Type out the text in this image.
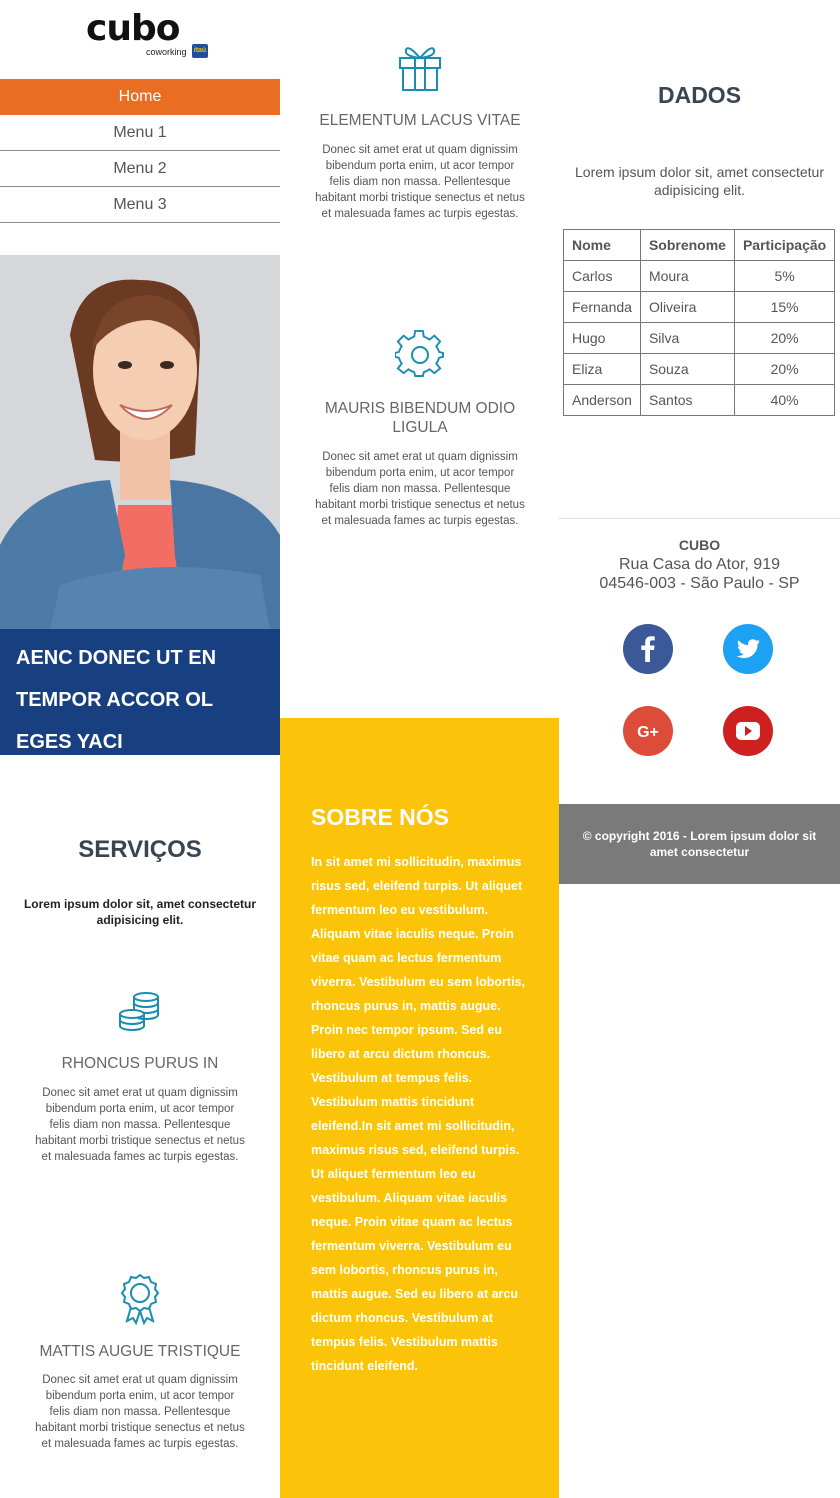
cubo
coworking itaú
Home
Menu 1
Menu 2
Menu 3
AENC DONEC UT EN TEMPOR ACCOR OL EGES YACI
SERVIÇOS
Lorem ipsum dolor sit, amet consectetur adipisicing elit.
RHONCUS PURUS IN
Donec sit amet erat ut quam dignissim bibendum porta enim, ut acor tempor felis diam non massa. Pellentesque habitant morbi tristique senectus et netus et malesuada fames ac turpis egestas.
MATTIS AUGUE TRISTIQUE
Donec sit amet erat ut quam dignissim bibendum porta enim, ut acor tempor felis diam non massa. Pellentesque habitant morbi tristique senectus et netus et malesuada fames ac turpis egestas.
ELEMENTUM LACUS VITAE
Donec sit amet erat ut quam dignissim bibendum porta enim, ut acor tempor felis diam non massa. Pellentesque habitant morbi tristique senectus et netus et malesuada fames ac turpis egestas.
MAURIS BIBENDUM ODIO LIGULA
Donec sit amet erat ut quam dignissim bibendum porta enim, ut acor tempor felis diam non massa. Pellentesque habitant morbi tristique senectus et netus et malesuada fames ac turpis egestas.
SOBRE NÓS
In sit amet mi sollicitudin, maximus risus sed, eleifend turpis. Ut aliquet fermentum leo eu vestibulum. Aliquam vitae iaculis neque. Proin vitae quam ac lectus fermentum viverra. Vestibulum eu sem lobortis, rhoncus purus in, mattis augue. Proin nec tempor ipsum. Sed eu libero at arcu dictum rhoncus. Vestibulum at tempus felis. Vestibulum mattis tincidunt eleifend.In sit amet mi sollicitudin, maximus risus sed, eleifend turpis. Ut aliquet fermentum leo eu vestibulum. Aliquam vitae iaculis neque. Proin vitae quam ac lectus fermentum viverra. Vestibulum eu sem lobortis, rhoncus purus in, mattis augue. Sed eu libero at arcu dictum rhoncus. Vestibulum at tempus felis. Vestibulum mattis tincidunt eleifend.
DADOS
Lorem ipsum dolor sit, amet consectetur adipisicing elit.
Nome	Sobrenome	Participação
Carlos	Moura	5%
Fernanda	Oliveira	15%
Hugo	Silva	20%
Eliza	Souza	20%
Anderson	Santos	40%
CUBO
Rua Casa do Ator, 919
04546-003 - São Paulo - SP
G+
© copyright 2016 - Lorem ipsum dolor sit amet consectetur
